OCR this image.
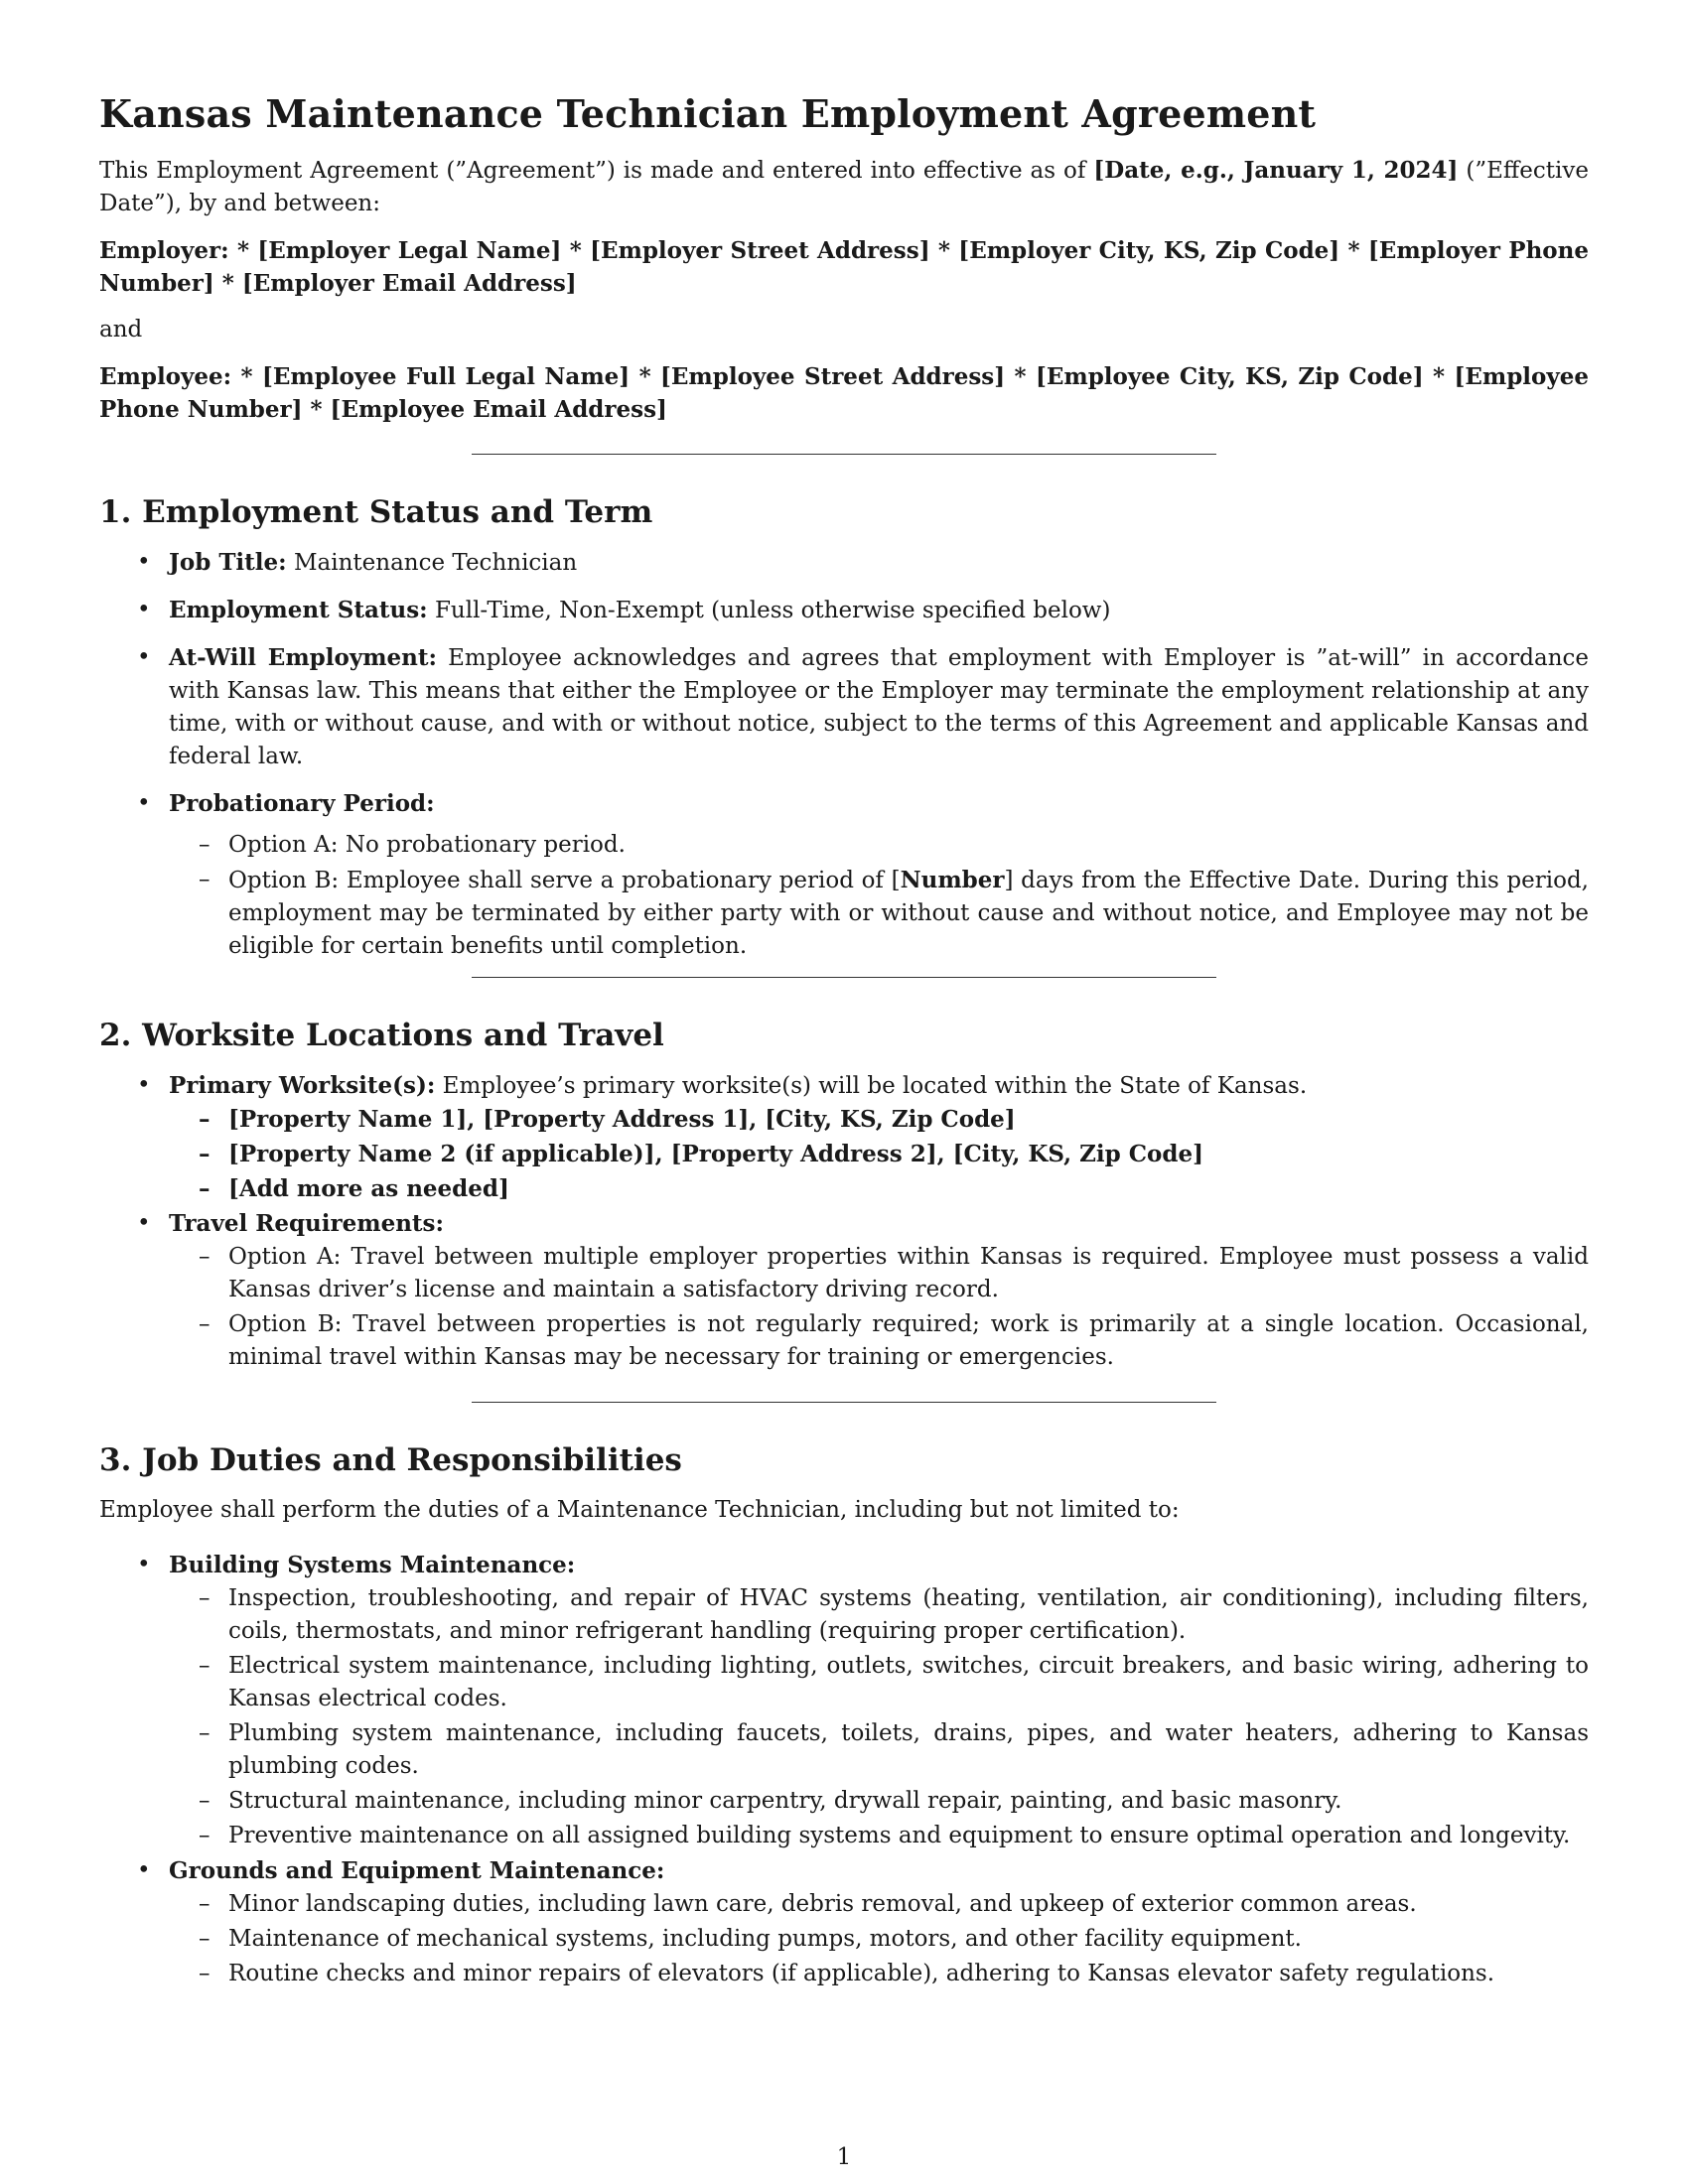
Kansas Maintenance Technician Employment Agreement

This Employment Agreement (”Agreement”) is made and entered into effective as of [Date, e.g., January 1, 2024] (”Effective Date”), by and between:

Employer: * [Employer Legal Name] * [Employer Street Address] * [Employer City, KS, Zip Code] * [Employer Phone Number] * [Employer Email Address]

and

Employee: * [Employee Full Legal Name] * [Employee Street Address] * [Employee City, KS, Zip Code] * [Employee Phone Number] * [Employee Email Address]
1. Employment Status and Term
• Job Title: Maintenance Technician
• Employment Status: Full-Time, Non-Exempt (unless otherwise specified below)
• At-Will Employment: Employee acknowledges and agrees that employment with Employer is ”at-will” in accordance with Kansas law. This means that either the Employee or the Employer may terminate the employment relationship at any time, with or without cause, and with or without notice, subject to the terms of this Agreement and applicable Kansas and federal law.
• Probationary Period:
– Option A: No probationary period.
– Option B: Employee shall serve a probationary period of [Number] days from the Effective Date. During this period, employment may be terminated by either party with or without cause and without notice, and Employee may not be eligible for certain benefits until completion.
2. Worksite Locations and Travel
• Primary Worksite(s): Employee’s primary worksite(s) will be located within the State of Kansas.
– [Property Name 1], [Property Address 1], [City, KS, Zip Code]
– [Property Name 2 (if applicable)], [Property Address 2], [City, KS, Zip Code]
– [Add more as needed]
• Travel Requirements:
– Option A: Travel between multiple employer properties within Kansas is required. Employee must possess a valid Kansas driver’s license and maintain a satisfactory driving record.
– Option B: Travel between properties is not regularly required; work is primarily at a single location. Occasional, minimal travel within Kansas may be necessary for training or emergencies.
3. Job Duties and Responsibilities

Employee shall perform the duties of a Maintenance Technician, including but not limited to:

• Building Systems Maintenance:
– Inspection, troubleshooting, and repair of HVAC systems (heating, ventilation, air conditioning), including filters, coils, thermostats, and minor refrigerant handling (requiring proper certification).
– Electrical system maintenance, including lighting, outlets, switches, circuit breakers, and basic wiring, adhering to Kansas electrical codes.
– Plumbing system maintenance, including faucets, toilets, drains, pipes, and water heaters, adhering to Kansas plumbing codes.
– Structural maintenance, including minor carpentry, drywall repair, painting, and basic masonry.
– Preventive maintenance on all assigned building systems and equipment to ensure optimal operation and longevity.
• Grounds and Equipment Maintenance:
– Minor landscaping duties, including lawn care, debris removal, and upkeep of exterior common areas.
– Maintenance of mechanical systems, including pumps, motors, and other facility equipment.
– Routine checks and minor repairs of elevators (if applicable), adhering to Kansas elevator safety regulations.
1
